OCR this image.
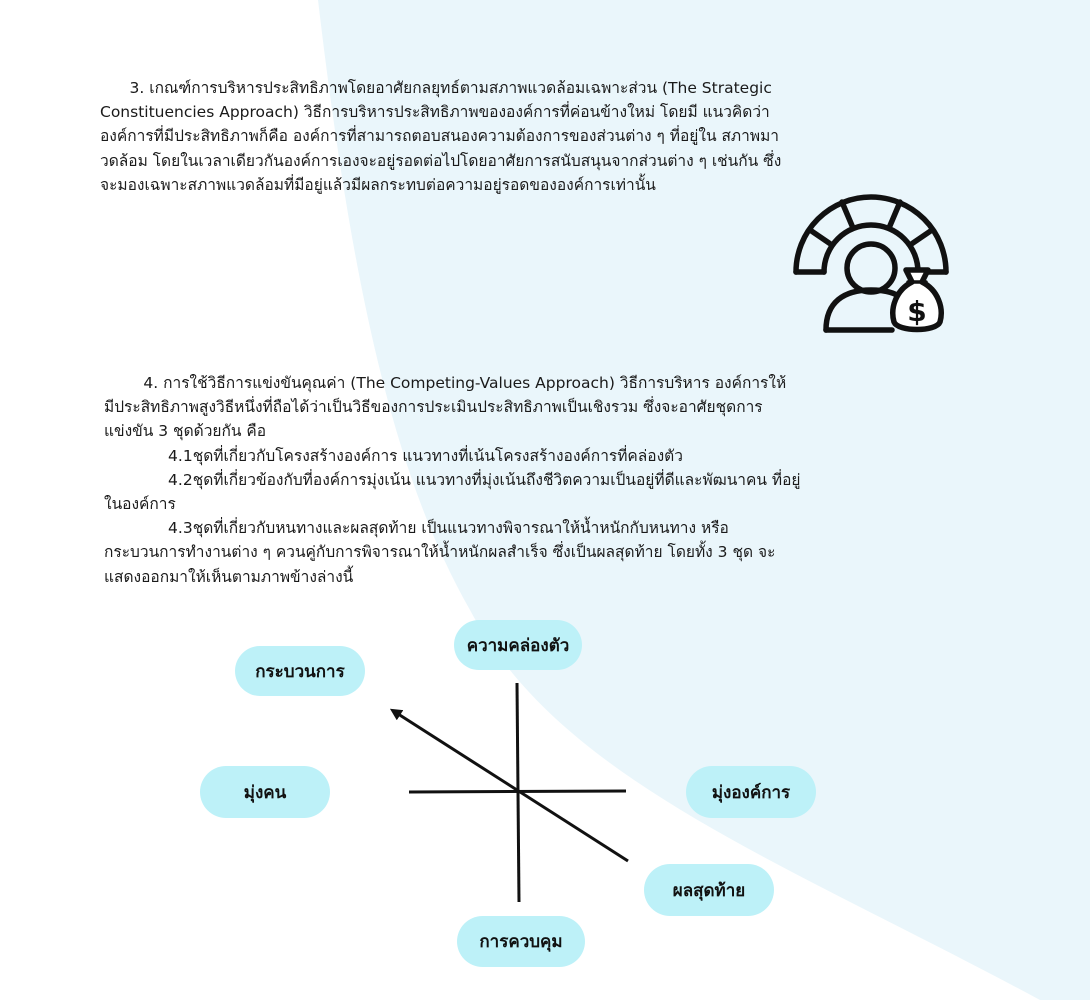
3. เกณฑ์การบริหารประสิทธิภาพโดยอาศัยกลยุทธ์ตามสภาพแวดล้อมเฉพาะส่วน (The Strategic
Constituencies Approach) วิธีการบริหารประสิทธิภาพขององค์การที่ค่อนข้างใหม่ โดยมี แนวคิดว่า
องค์การที่มีประสิทธิภาพก็คือ องค์การที่สามารถตอบสนองความต้องการของส่วนต่าง ๆ ที่อยู่ใน สภาพมา
วดล้อม โดยในเวลาเดียวกันองค์การเองจะอยู่รอดต่อไปโดยอาศัยการสนับสนุนจากส่วนต่าง ๆ เช่นกัน ซึ่ง
จะมองเฉพาะสภาพแวดล้อมที่มีอยู่แล้วมีผลกระทบต่อความอยู่รอดขององค์การเท่านั้น

$

4. การใช้วิธีการแข่งขันคุณค่า (The Competing-Values Approach) วิธีการบริหาร องค์การให้
มีประสิทธิภาพสูงวิธีหนึ่งที่ถือได้ว่าเป็นวิธีของการประเมินประสิทธิภาพเป็นเชิงรวม ซึ่งจะอาศัยชุดการ
แข่งขัน 3 ชุดด้วยกัน คือ
4.1ชุดที่เกี่ยวกับโครงสร้างองค์การ แนวทางที่เน้นโครงสร้างองค์การที่คล่องตัว
4.2ชุดที่เกี่ยวข้องกับที่องค์การมุ่งเน้น แนวทางที่มุ่งเน้นถึงชีวิตความเป็นอยู่ที่ดีและพัฒนาคน ที่อยู่
ในองค์การ
4.3ชุดที่เกี่ยวกับหนทางและผลสุดท้าย เป็นแนวทางพิจารณาให้น้ำหนักกับหนทาง หรือ
กระบวนการทำงานต่าง ๆ ควนคู่กับการพิจารณาให้น้ำหนักผลสำเร็จ ซึ่งเป็นผลสุดท้าย โดยทั้ง 3 ชุด จะ
แสดงออกมาให้เห็นตามภาพข้างล่างนี้

ความคล่องตัว
กระบวนการ
มุ่งคน	มุ่งองค์การ
ผลสุดท้าย
การควบคุม
